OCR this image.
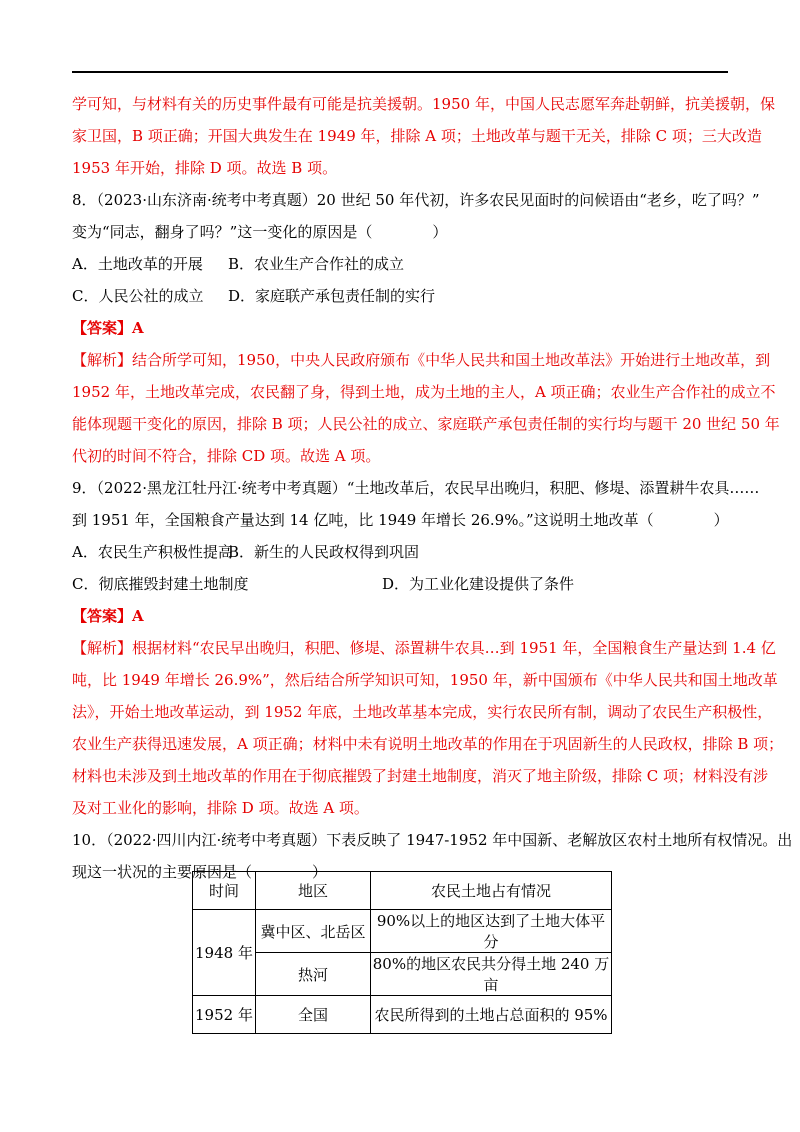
学可知，与材料有关的历史事件最有可能是抗美援朝。1950 年，中国人民志愿军奔赴朝鲜，抗美援朝，保
家卫国，B 项正确；开国大典发生在 1949 年，排除 A 项；土地改革与题干无关，排除 C 项；三大改造
1953 年开始，排除 D 项。故选 B 项。
8．（2023·山东济南·统考中考真题）20 世纪 50 年代初，许多农民见面时的问候语由“老乡，吃了吗？”
变为“同志，翻身了吗？”这一变化的原因是（　　　　）
A．土地改革的开展	B．农业生产合作社的成立
C．人民公社的成立	D．家庭联产承包责任制的实行
【答案】A
【解析】结合所学可知，1950，中央人民政府颁布《中华人民共和国土地改革法》开始进行土地改革，到
1952 年，土地改革完成，农民翻了身，得到土地，成为土地的主人，A 项正确；农业生产合作社的成立不
能体现题干变化的原因，排除 B 项；人民公社的成立、家庭联产承包责任制的实行均与题干 20 世纪 50 年
代初的时间不符合，排除 CD 项。故选 A 项。
9．（2022·黑龙江牡丹江·统考中考真题）“土地改革后，农民早出晚归，积肥、修堤、添置耕牛农具……
到 1951 年，全国粮食产量达到 14 亿吨，比 1949 年增长 26.9%。”这说明土地改革（　　　　）
A．农民生产积极性提高
B．新生的人民政权得到巩固
C．彻底摧毁封建土地制度	D．为工业化建设提供了条件
【答案】A
【解析】根据材料“农民早出晚归，积肥、修堤、添置耕牛农具…到 1951 年，全国粮食生产量达到 1.4 亿
吨，比 1949 年增长 26.9%”，然后结合所学知识可知，1950 年，新中国颁布《中华人民共和国土地改革
法》，开始土地改革运动，到 1952 年底，土地改革基本完成，实行农民所有制，调动了农民生产积极性，
农业生产获得迅速发展，A 项正确；材料中未有说明土地改革的作用在于巩固新生的人民政权，排除 B 项；
材料也未涉及到土地改革的作用在于彻底摧毁了封建土地制度，消灭了地主阶级，排除 C 项；材料没有涉
及对工业化的影响，排除 D 项。故选 A 项。
10．（2022·四川内江·统考中考真题）下表反映了 1947-1952 年中国新、老解放区农村土地所有权情况。出
现这一状况的主要原因是（　　　　）
时间	地区	农民土地占有情况
1948 年	冀中区、北岳区	90%以上的地区达到了土地大体平分
	热河	80%的地区农民共分得土地 240 万亩
1952 年	全国	农民所得到的土地占总面积的 95%
